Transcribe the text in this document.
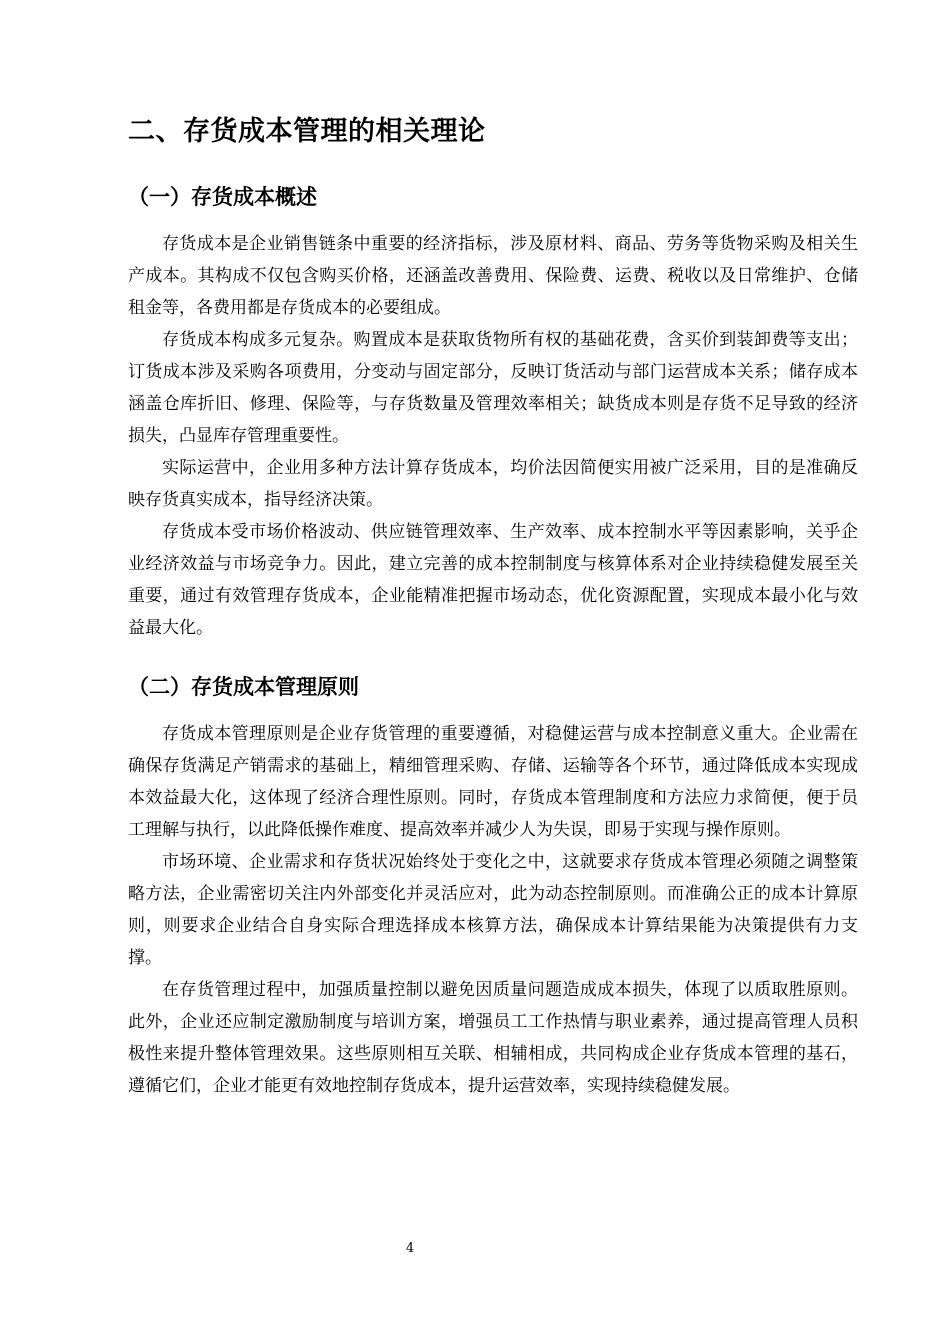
二、存货成本管理的相关理论
（一）存货成本概述

存货成本是企业销售链条中重要的经济指标，涉及原材料、商品、劳务等货物采购及相关生产成本。其构成不仅包含购买价格，还涵盖改善费用、保险费、运费、税收以及日常维护、仓储租金等，各费用都是存货成本的必要组成。

存货成本构成多元复杂。购置成本是获取货物所有权的基础花费，含买价到装卸费等支出；订货成本涉及采购各项费用，分变动与固定部分，反映订货活动与部门运营成本关系；储存成本涵盖仓库折旧、修理、保险等，与存货数量及管理效率相关；缺货成本则是存货不足导致的经济损失，凸显库存管理重要性。

实际运营中，企业用多种方法计算存货成本，均价法因简便实用被广泛采用，目的是准确反映存货真实成本，指导经济决策。

存货成本受市场价格波动、供应链管理效率、生产效率、成本控制水平等因素影响，关乎企业经济效益与市场竞争力。因此，建立完善的成本控制制度与核算体系对企业持续稳健发展至关重要，通过有效管理存货成本，企业能精准把握市场动态，优化资源配置，实现成本最小化与效益最大化。

（二）存货成本管理原则

存货成本管理原则是企业存货管理的重要遵循，对稳健运营与成本控制意义重大。企业需在确保存货满足产销需求的基础上，精细管理采购、存储、运输等各个环节，通过降低成本实现成本效益最大化，这体现了经济合理性原则。同时，存货成本管理制度和方法应力求简便，便于员工理解与执行，以此降低操作难度、提高效率并减少人为失误，即易于实现与操作原则。

市场环境、企业需求和存货状况始终处于变化之中，这就要求存货成本管理必须随之调整策略方法，企业需密切关注内外部变化并灵活应对，此为动态控制原则。而准确公正的成本计算原则，则要求企业结合自身实际合理选择成本核算方法，确保成本计算结果能为决策提供有力支撑。

在存货管理过程中，加强质量控制以避免因质量问题造成成本损失，体现了以质取胜原则。此外，企业还应制定激励制度与培训方案，增强员工工作热情与职业素养，通过提高管理人员积极性来提升整体管理效果。这些原则相互关联、相辅相成，共同构成企业存货成本管理的基石，遵循它们，企业才能更有效地控制存货成本，提升运营效率，实现持续稳健发展。

4
